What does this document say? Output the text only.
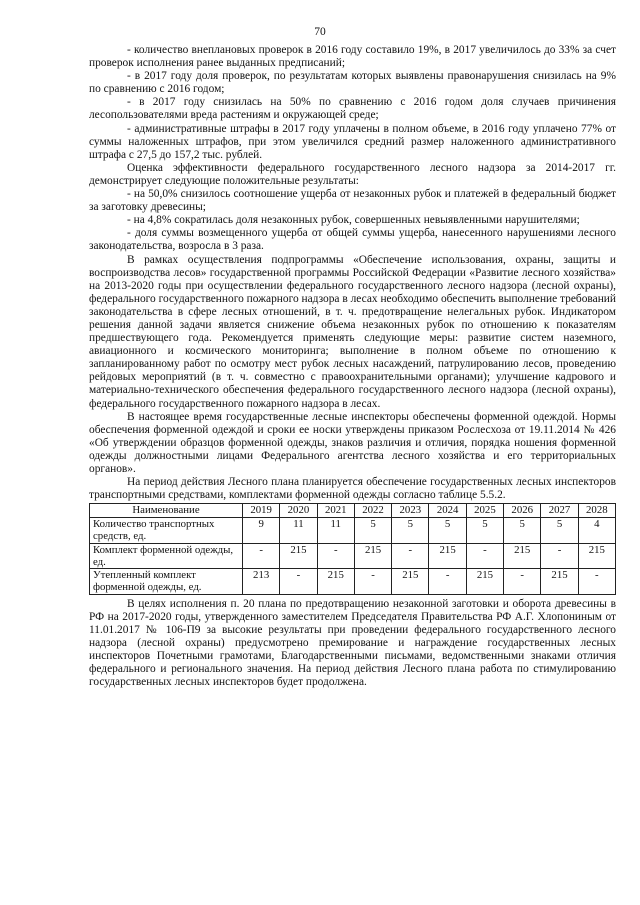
70

- количество внеплановых проверок в 2016 году составило 19%, в 2017 увеличилось до 33% за счет проверок исполнения ранее выданных предписаний;

- в 2017 году доля проверок, по результатам которых выявлены правонарушения снизилась на 9% по сравнению с 2016 годом;

- в 2017 году снизилась на 50% по сравнению с 2016 годом доля случаев причинения лесопользователями вреда растениям и окружающей среде;

- административные штрафы в 2017 году уплачены в полном объеме, в 2016 году уплачено 77% от суммы наложенных штрафов, при этом увеличился средний размер наложенного административного штрафа с 27,5 до 157,2 тыс. рублей.

Оценка эффективности федерального государственного лесного надзора за 2014-2017 гг. демонстрирует следующие положительные результаты:

- на 50,0% снизилось соотношение ущерба от незаконных рубок и платежей в федеральный бюджет за заготовку древесины;

- на 4,8% сократилась доля незаконных рубок, совершенных невыявленными нарушителями;

- доля суммы возмещенного ущерба от общей суммы ущерба, нанесенного нарушениями лесного законодательства, возросла в 3 раза.

В рамках осуществления подпрограммы «Обеспечение использования, охраны, защиты и воспроизводства лесов» государственной программы Российской Федерации «Развитие лесного хозяйства» на 2013-2020 годы при осуществлении федерального государственного лесного надзора (лесной охраны), федерального государственного пожарного надзора в лесах необходимо обеспечить выполнение требований законодательства в сфере лесных отношений, в т. ч. предотвращение нелегальных рубок. Индикатором решения данной задачи является снижение объема незаконных рубок по отношению к показателям предшествующего года. Рекомендуется применять следующие меры: развитие систем наземного, авиационного и космического мониторинга; выполнение в полном объеме по отношению к запланированному работ по осмотру мест рубок лесных насаждений, патрулированию лесов, проведению рейдовых мероприятий (в т. ч. совместно с правоохранительными органами); улучшение кадрового и материально-технического обеспечения федерального государственного лесного надзора (лесной охраны), федерального государственного пожарного надзора в лесах.

В настоящее время государственные лесные инспекторы обеспечены форменной одеждой. Нормы обеспечения форменной одеждой и сроки ее носки утверждены приказом Рослесхоза от 19.11.2014 № 426 «Об утверждении образцов форменной одежды, знаков различия и отличия, порядка ношения форменной одежды должностными лицами Федерального агентства лесного хозяйства и его территориальных органов».

На период действия Лесного плана планируется обеспечение государственных лесных инспекторов транспортными средствами, комплектами форменной одежды согласно таблице 5.5.2.

Наименование	2019	2020	2021	2022	2023	2024	2025	2026	2027	2028
Количество транспортных средств, ед.	9	11	11	5	5	5	5	5	5	4
Комплект форменной одежды, ед.	-	215	-	215	-	215	-	215	-	215
Утепленный комплект форменной одежды, ед.	213	-	215	-	215	-	215	-	215	-

В целях исполнения п. 20 плана по предотвращению незаконной заготовки и оборота древесины в РФ на 2017-2020 годы, утвержденного заместителем Председателя Правительства РФ А.Г. Хлопониным от 11.01.2017 № 106-П9 за высокие результаты при проведении федерального государственного лесного надзора (лесной охраны) предусмотрено премирование и награждение государственных лесных инспекторов Почетными грамотами, Благодарственными письмами, ведомственными знаками отличия федерального и регионального значения. На период действия Лесного плана работа по стимулированию государственных лесных инспекторов будет продолжена.
